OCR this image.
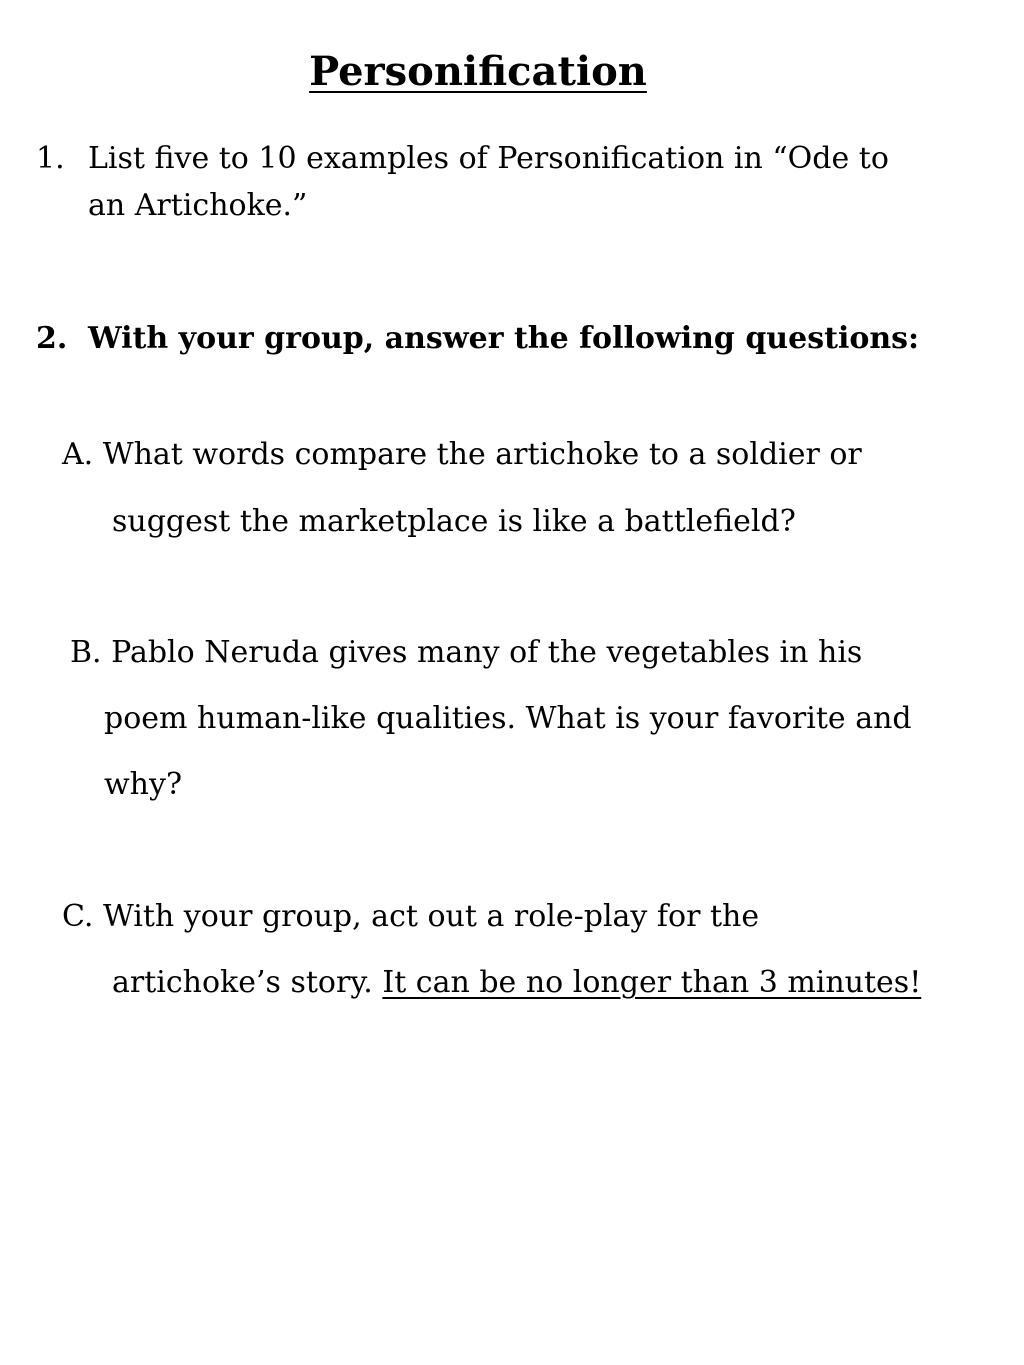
Personification
1. List five to 10 examples of Personification in “Ode to
an Artichoke.”
2. With your group, answer the following questions:
A. What words compare the artichoke to a soldier or
suggest the marketplace is like a battlefield?
B. Pablo Neruda gives many of the vegetables in his
poem human-like qualities. What is your favorite and
why?
C. With your group, act out a role-play for the
artichoke’s story. It can be no longer than 3 minutes!
